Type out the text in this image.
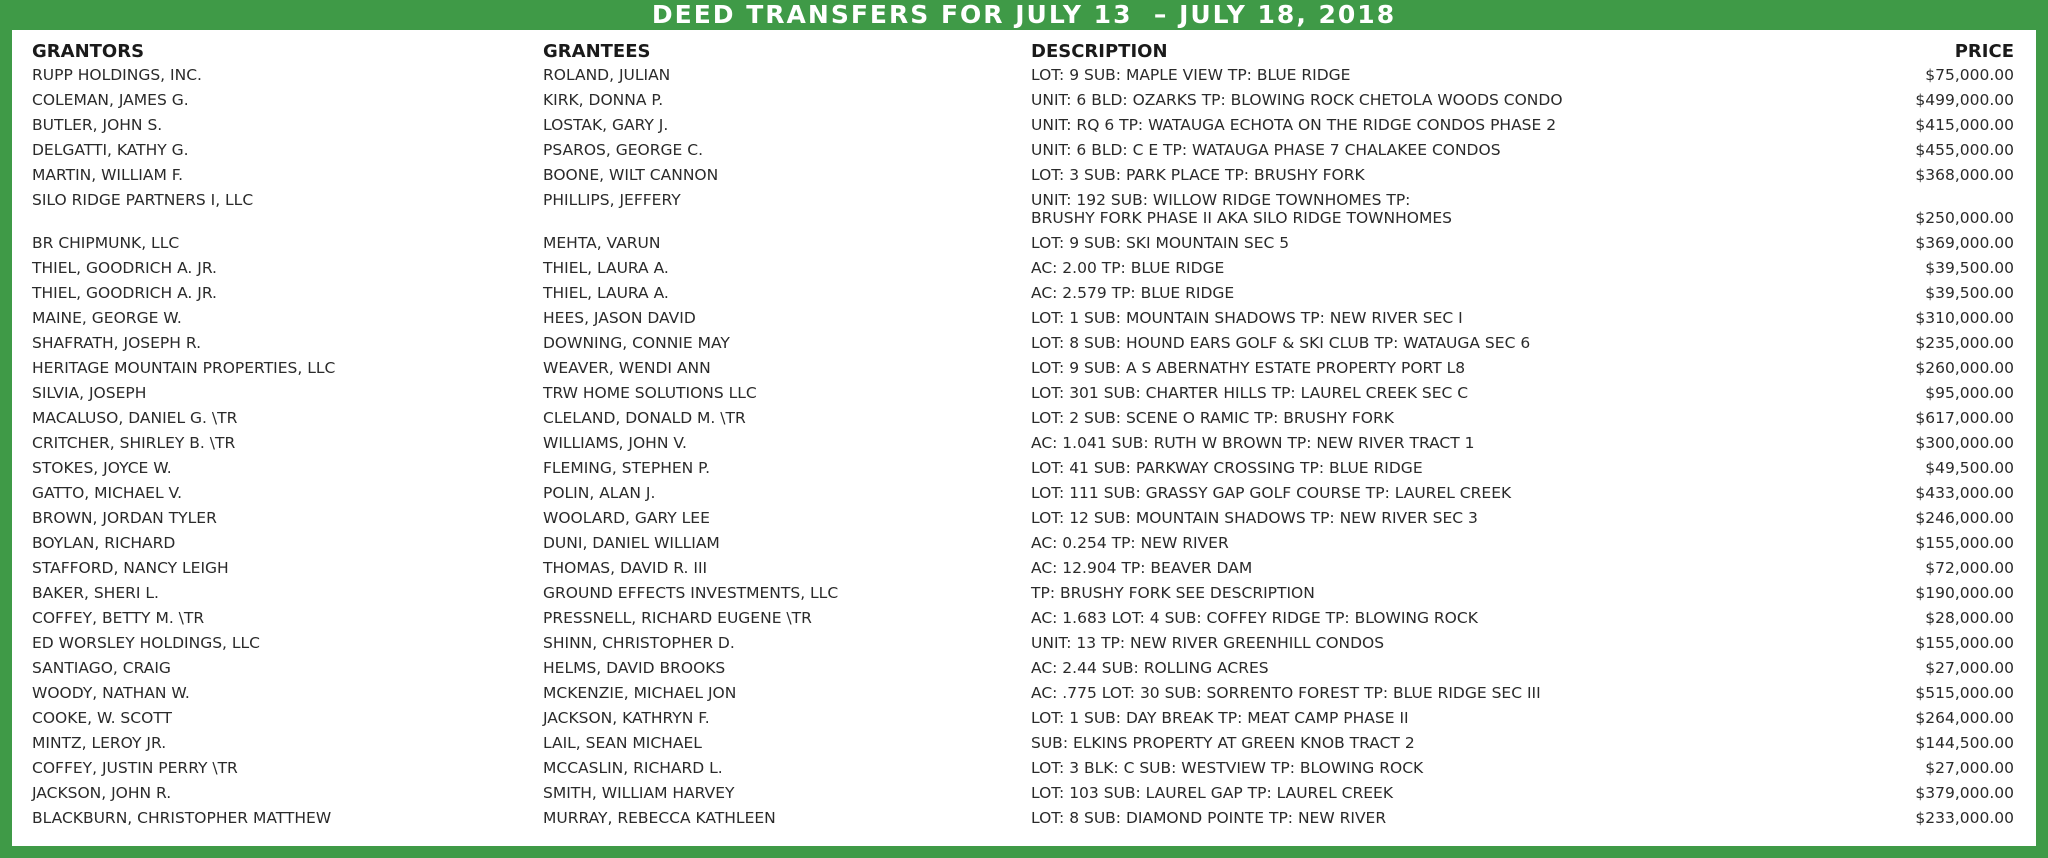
DEED TRANSFERS FOR JULY 13  – JULY 18, 2018
GRANTORS	GRANTEES	DESCRIPTION	PRICE
RUPP HOLDINGS, INC.	ROLAND, JULIAN	LOT: 9 SUB: MAPLE VIEW TP: BLUE RIDGE	$75,000.00
COLEMAN, JAMES G.	KIRK, DONNA P.	UNIT: 6 BLD: OZARKS TP: BLOWING ROCK CHETOLA WOODS CONDO	$499,000.00
BUTLER, JOHN S.	LOSTAK, GARY J.	UNIT: RQ 6 TP: WATAUGA ECHOTA ON THE RIDGE CONDOS PHASE 2	$415,000.00
DELGATTI, KATHY G.	PSAROS, GEORGE C.	UNIT: 6 BLD: C E TP: WATAUGA PHASE 7 CHALAKEE CONDOS	$455,000.00
MARTIN, WILLIAM F.	BOONE, WILT CANNON	LOT: 3 SUB: PARK PLACE TP: BRUSHY FORK	$368,000.00
SILO RIDGE PARTNERS I, LLC	PHILLIPS, JEFFERY	UNIT: 192 SUB: WILLOW RIDGE TOWNHOMES TP:
BRUSHY FORK PHASE II AKA SILO RIDGE TOWNHOMES	$250,000.00
BR CHIPMUNK, LLC	MEHTA, VARUN	LOT: 9 SUB: SKI MOUNTAIN SEC 5	$369,000.00
THIEL, GOODRICH A. JR.	THIEL, LAURA A.	AC: 2.00 TP: BLUE RIDGE	$39,500.00
THIEL, GOODRICH A. JR.	THIEL, LAURA A.	AC: 2.579 TP: BLUE RIDGE	$39,500.00
MAINE, GEORGE W.	HEES, JASON DAVID	LOT: 1 SUB: MOUNTAIN SHADOWS TP: NEW RIVER SEC I	$310,000.00
SHAFRATH, JOSEPH R.	DOWNING, CONNIE MAY	LOT: 8 SUB: HOUND EARS GOLF & SKI CLUB TP: WATAUGA SEC 6	$235,000.00
HERITAGE MOUNTAIN PROPERTIES, LLC	WEAVER, WENDI ANN	LOT: 9 SUB: A S ABERNATHY ESTATE PROPERTY PORT L8	$260,000.00
SILVIA, JOSEPH	TRW HOME SOLUTIONS LLC	LOT: 301 SUB: CHARTER HILLS TP: LAUREL CREEK SEC C	$95,000.00
MACALUSO, DANIEL G. \TR	CLELAND, DONALD M. \TR	LOT: 2 SUB: SCENE O RAMIC TP: BRUSHY FORK	$617,000.00
CRITCHER, SHIRLEY B. \TR	WILLIAMS, JOHN V.	AC: 1.041 SUB: RUTH W BROWN TP: NEW RIVER TRACT 1	$300,000.00
STOKES, JOYCE W.	FLEMING, STEPHEN P.	LOT: 41 SUB: PARKWAY CROSSING TP: BLUE RIDGE	$49,500.00
GATTO, MICHAEL V.	POLIN, ALAN J.	LOT: 111 SUB: GRASSY GAP GOLF COURSE TP: LAUREL CREEK	$433,000.00
BROWN, JORDAN TYLER	WOOLARD, GARY LEE	LOT: 12 SUB: MOUNTAIN SHADOWS TP: NEW RIVER SEC 3	$246,000.00
BOYLAN, RICHARD	DUNI, DANIEL WILLIAM	AC: 0.254 TP: NEW RIVER	$155,000.00
STAFFORD, NANCY LEIGH	THOMAS, DAVID R. III	AC: 12.904 TP: BEAVER DAM	$72,000.00
BAKER, SHERI L.	GROUND EFFECTS INVESTMENTS, LLC	TP: BRUSHY FORK SEE DESCRIPTION	$190,000.00
COFFEY, BETTY M. \TR	PRESSNELL, RICHARD EUGENE \TR	AC: 1.683 LOT: 4 SUB: COFFEY RIDGE TP: BLOWING ROCK	$28,000.00
ED WORSLEY HOLDINGS, LLC	SHINN, CHRISTOPHER D.	UNIT: 13 TP: NEW RIVER GREENHILL CONDOS	$155,000.00
SANTIAGO, CRAIG	HELMS, DAVID BROOKS	AC: 2.44 SUB: ROLLING ACRES	$27,000.00
WOODY, NATHAN W.	MCKENZIE, MICHAEL JON	AC: .775 LOT: 30 SUB: SORRENTO FOREST TP: BLUE RIDGE SEC III	$515,000.00
COOKE, W. SCOTT	JACKSON, KATHRYN F.	LOT: 1 SUB: DAY BREAK TP: MEAT CAMP PHASE II	$264,000.00
MINTZ, LEROY JR.	LAIL, SEAN MICHAEL	SUB: ELKINS PROPERTY AT GREEN KNOB TRACT 2	$144,500.00
COFFEY, JUSTIN PERRY \TR	MCCASLIN, RICHARD L.	LOT: 3 BLK: C SUB: WESTVIEW TP: BLOWING ROCK	$27,000.00
JACKSON, JOHN R.	SMITH, WILLIAM HARVEY	LOT: 103 SUB: LAUREL GAP TP: LAUREL CREEK	$379,000.00
BLACKBURN, CHRISTOPHER MATTHEW	MURRAY, REBECCA KATHLEEN	LOT: 8 SUB: DIAMOND POINTE TP: NEW RIVER	$233,000.00
